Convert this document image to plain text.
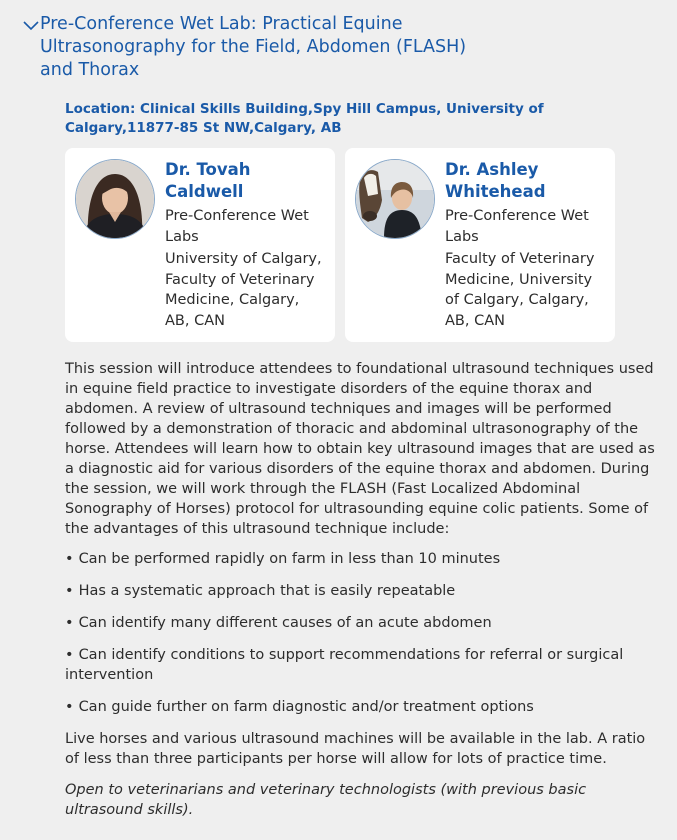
Pre-Conference Wet Lab: Practical Equine Ultrasonography for the Field, Abdomen (FLASH) and Thorax
Location: Clinical Skills Building,Spy Hill Campus, University of Calgary,11877-85 St NW,Calgary, AB
Dr. Tovah Caldwell
Pre-Conference Wet Labs
University of Calgary, Faculty of Veterinary Medicine, Calgary, AB, CAN
Dr. Ashley Whitehead
Pre-Conference Wet Labs
Faculty of Veterinary Medicine, University of Calgary, Calgary, AB, CAN

This session will introduce attendees to foundational ultrasound techniques used in equine field practice to investigate disorders of the equine thorax and abdomen. A review of ultrasound techniques and images will be performed followed by a demonstration of thoracic and abdominal ultrasonography of the horse. Attendees will learn how to obtain key ultrasound images that are used as a diagnostic aid for various disorders of the equine thorax and abdomen. During the session, we will work through the FLASH (Fast Localized Abdominal Sonography of Horses) protocol for ultrasounding equine colic patients. Some of the advantages of this ultrasound technique include:

• Can be performed rapidly on farm in less than 10 minutes
• Has a systematic approach that is easily repeatable
• Can identify many different causes of an acute abdomen
• Can identify conditions to support recommendations for referral or surgical intervention
• Can guide further on farm diagnostic and/or treatment options

Live horses and various ultrasound machines will be available in the lab. A ratio of less than three participants per horse will allow for lots of practice time.

Open to veterinarians and veterinary technologists (with previous basic ultrasound skills).
